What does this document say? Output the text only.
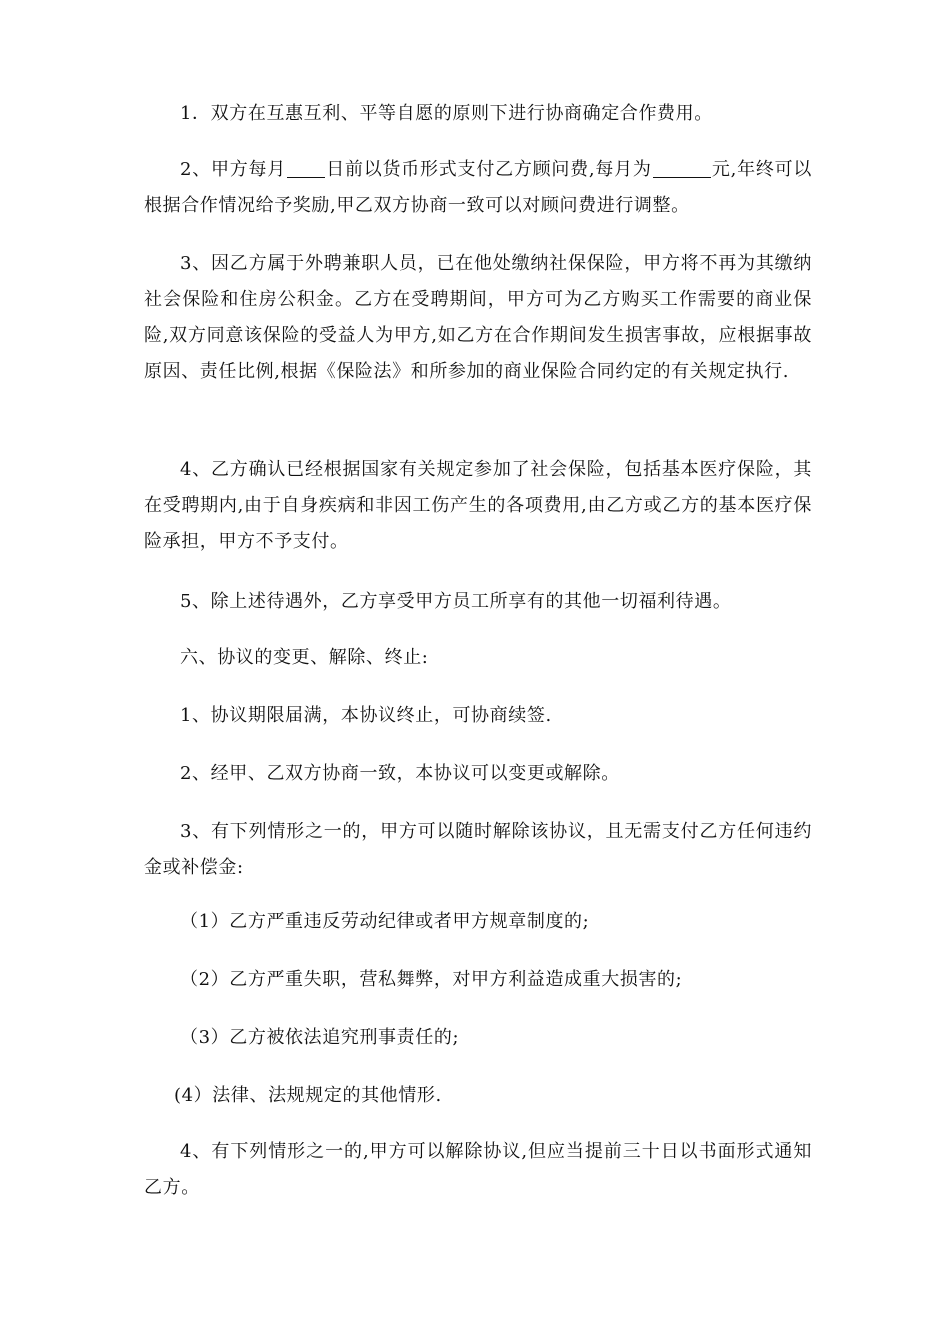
1．双方在互惠互利、平等自愿的原则下进行协商确定合作费用。

2、甲方每月 日前以货币形式支付乙方顾问费,每月为	元,年终可以根据合作情况给予奖励,甲乙双方协商一致可以对顾问费进行调整。

3、因乙方属于外聘兼职人员，已在他处缴纳社保保险，甲方将不再为其缴纳社会保险和住房公积金。乙方在受聘期间，甲方可为乙方购买工作需要的商业保险,双方同意该保险的受益人为甲方,如乙方在合作期间发生损害事故，应根据事故原因、责任比例,根据《保险法》和所参加的商业保险合同约定的有关规定执行.

4、乙方确认已经根据国家有关规定参加了社会保险，包括基本医疗保险，其在受聘期内,由于自身疾病和非因工伤产生的各项费用,由乙方或乙方的基本医疗保险承担，甲方不予支付。

5、除上述待遇外，乙方享受甲方员工所享有的其他一切福利待遇。

六、协议的变更、解除、终止:

1、协议期限届满，本协议终止，可协商续签.

2、经甲、乙双方协商一致，本协议可以变更或解除。

3、有下列情形之一的，甲方可以随时解除该协议，且无需支付乙方任何违约金或补偿金:

（1）乙方严重违反劳动纪律或者甲方规章制度的;

（2）乙方严重失职，营私舞弊，对甲方利益造成重大损害的;

（3）乙方被依法追究刑事责任的;

(4）法律、法规规定的其他情形.

4、有下列情形之一的,甲方可以解除协议,但应当提前三十日以书面形式通知乙方。
